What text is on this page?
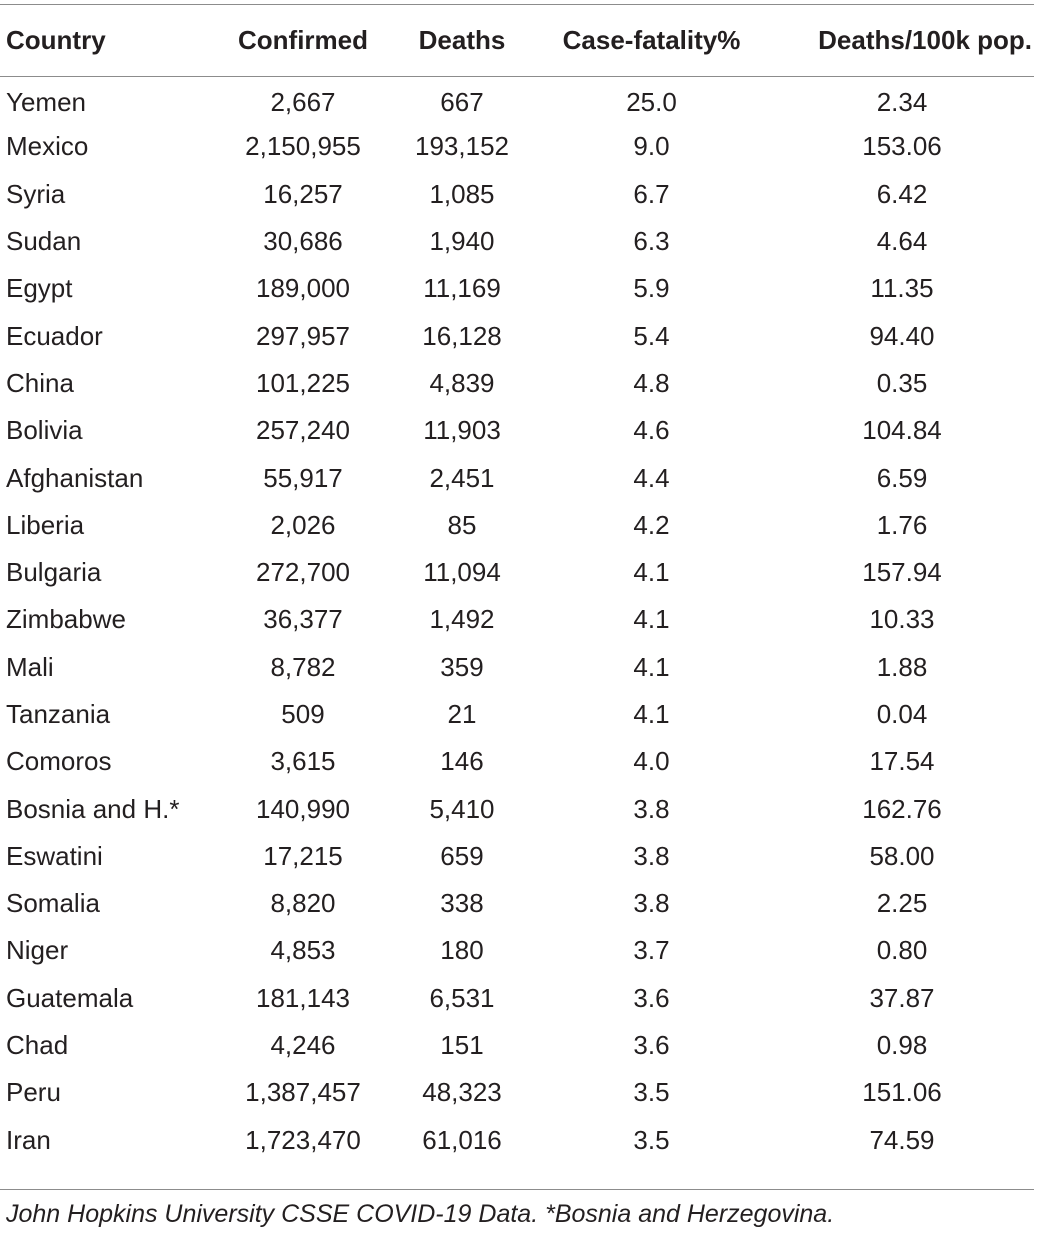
Country	Confirmed	Deaths	Case-fatality%	Deaths/100k pop.
Yemen	2,667	667	25.0	2.34
Mexico	2,150,955	193,152	9.0	153.06
Syria	16,257	1,085	6.7	6.42
Sudan	30,686	1,940	6.3	4.64
Egypt	189,000	11,169	5.9	11.35
Ecuador	297,957	16,128	5.4	94.40
China	101,225	4,839	4.8	0.35
Bolivia	257,240	11,903	4.6	104.84
Afghanistan	55,917	2,451	4.4	6.59
Liberia	2,026	85	4.2	1.76
Bulgaria	272,700	11,094	4.1	157.94
Zimbabwe	36,377	1,492	4.1	10.33
Mali	8,782	359	4.1	1.88
Tanzania	509	21	4.1	0.04
Comoros	3,615	146	4.0	17.54
Bosnia and H.*	140,990	5,410	3.8	162.76
Eswatini	17,215	659	3.8	58.00
Somalia	8,820	338	3.8	2.25
Niger	4,853	180	3.7	0.80
Guatemala	181,143	6,531	3.6	37.87
Chad	4,246	151	3.6	0.98
Peru	1,387,457	48,323	3.5	151.06
Iran	1,723,470	61,016	3.5	74.59
John Hopkins University CSSE COVID-19 Data. *Bosnia and Herzegovina.
